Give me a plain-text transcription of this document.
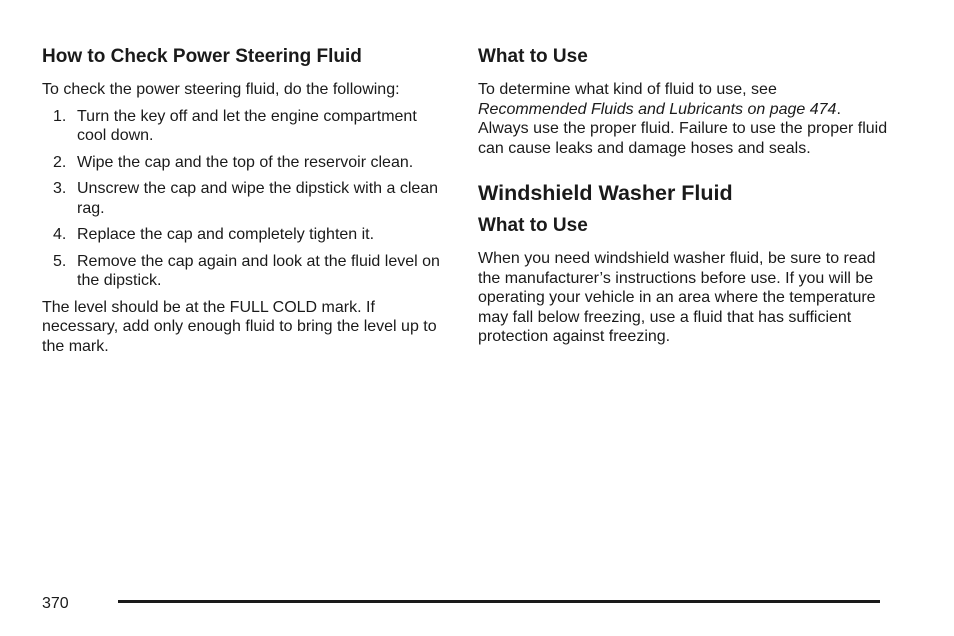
How to Check Power Steering Fluid

To check the power steering fluid, do the following:

1. Turn the key off and let the engine compartment cool down.
2. Wipe the cap and the top of the reservoir clean.
3. Unscrew the cap and wipe the dipstick with a clean rag.
4. Replace the cap and completely tighten it.
5. Remove the cap again and look at the fluid level on the dipstick.

The level should be at the FULL COLD mark. If necessary, add only enough fluid to bring the level up to the mark.

What to Use

To determine what kind of fluid to use, see Recommended Fluids and Lubricants on page 474. Always use the proper fluid. Failure to use the proper fluid can cause leaks and damage hoses and seals.

Windshield Washer Fluid
What to Use

When you need windshield washer fluid, be sure to read the manufacturer’s instructions before use. If you will be operating your vehicle in an area where the temperature may fall below freezing, use a fluid that has sufficient protection against freezing.

370
